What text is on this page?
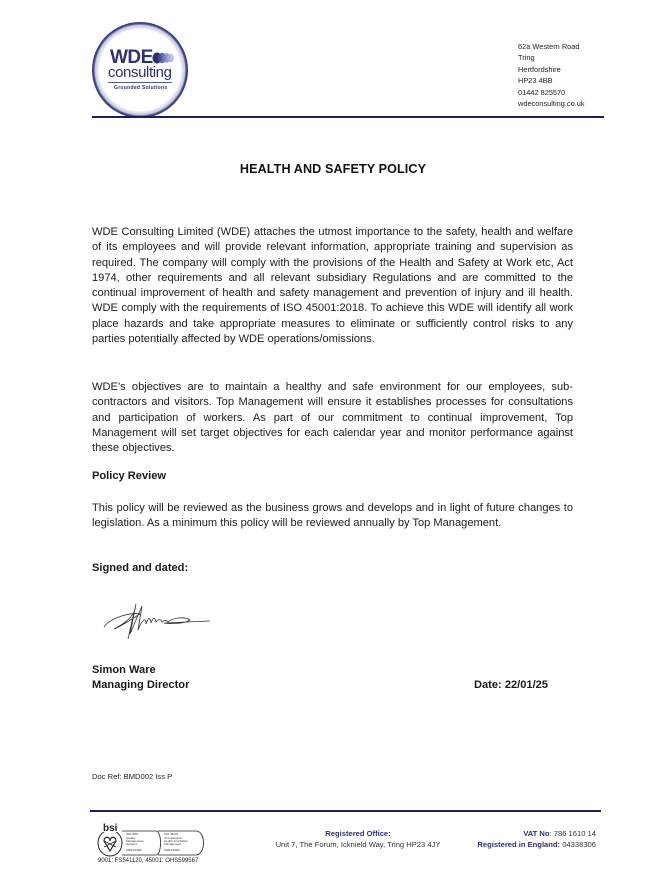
WDE
consulting
Grounded Solutions
62a Western Road
Tring
Hertfordshire
HP23 4BB
01442 825570
wdeconsulting.co.uk
HEALTH AND SAFETY POLICY
WDE Consulting Limited (WDE) attaches the utmost importance to the safety, health and welfare of its employees and will provide relevant information, appropriate training and supervision as required. The company will comply with the provisions of the Health and Safety at Work etc, Act 1974, other requirements and all relevant subsidiary Regulations and are committed to the continual improvement of health and safety management and prevention of injury and ill health. WDE comply with the requirements of ISO 45001:2018. To achieve this WDE will identify all work place hazards and take appropriate measures to eliminate or sufficiently control risks to any parties potentially affected by WDE operations/omissions.
WDE’s objectives are to maintain a healthy and safe environment for our employees, sub-contractors and visitors. Top Management will ensure it establishes processes for consultations and participation of workers. As part of our commitment to continual improvement, Top Management will set target objectives for each calendar year and monitor performance against these objectives.
Policy Review
This policy will be reviewed as the business grows and develops and in light of future changes to legislation. As a minimum this policy will be reviewed annually by Top Management.
Signed and dated:
Simon Ware
Managing Director	Date: 22/01/25
Doc Ref: BMD002 Iss P
bsi	ISO 9001
Quality
Management
Systems
CERTIFIED
ISO 45001
Occupational
Health and Safety
Management
CERTIFIED
9001: FS541120, 45001: OHS599567
Registered Office:
Unit 7, The Forum, Icknield Way, Tring HP23 4JY
VAT No: 786 1610 14
Registered in England: 04338306
